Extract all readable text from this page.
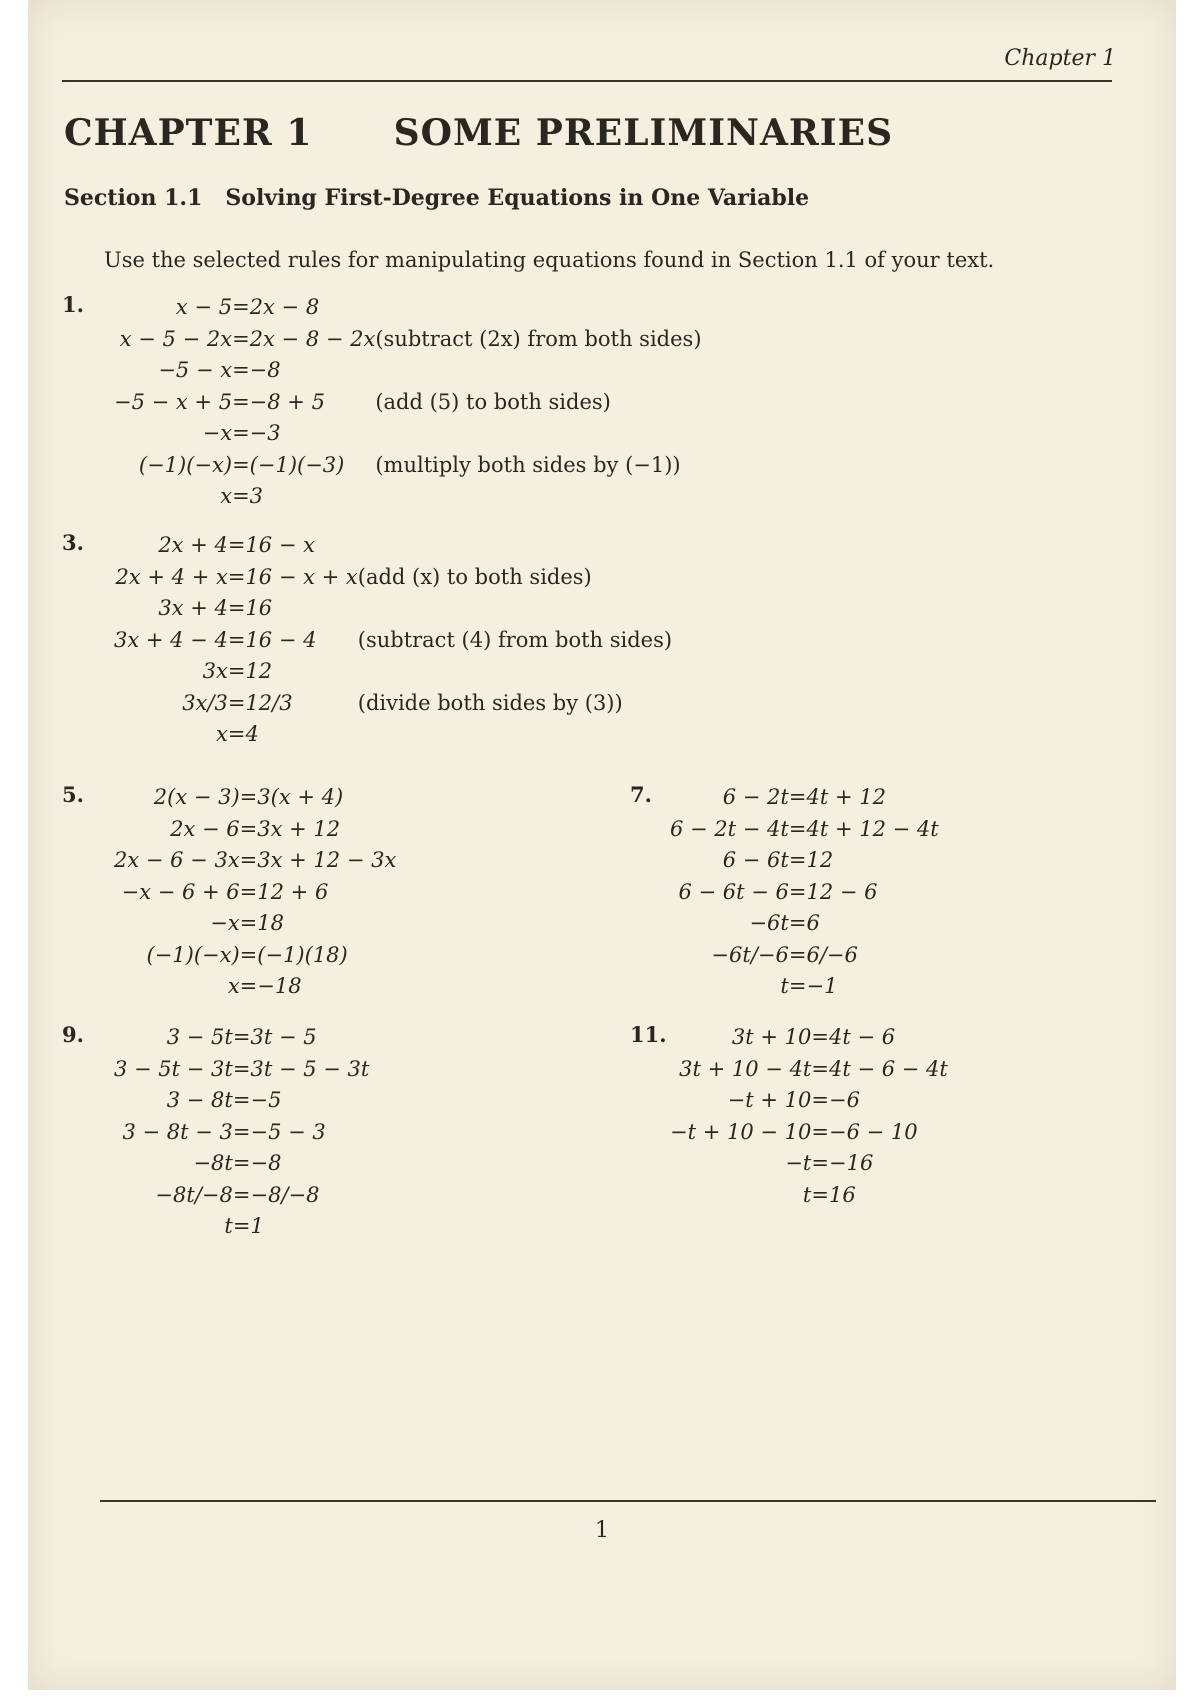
Chapter 1
CHAPTER 1      SOME PRELIMINARIES
Section 1.1   Solving First-Degree Equations in One Variable

Use the selected rules for manipulating equations found in Section 1.1 of your text.

1.	x − 5	=	2x − 8	
x − 5 − 2x	=	2x − 8 − 2x	(subtract (2x) from both sides)
−5 − x	=	−8	
−5 − x + 5	=	−8 + 5	(add (5) to both sides)
−x	=	−3	
(−1)(−x)	=	(−1)(−3)	(multiply both sides by (−1))
x	=	3	
3.	2x + 4	=	16 − x	
2x + 4 + x	=	16 − x + x	(add (x) to both sides)
3x + 4	=	16	
3x + 4 − 4	=	16 − 4	(subtract (4) from both sides)
3x	=	12	
3x/3	=	12/3	(divide both sides by (3))
x	=	4	
5.	2(x − 3)	=	3(x + 4)
2x − 6	=	3x + 12
2x − 6 − 3x	=	3x + 12 − 3x
−x − 6 + 6	=	12 + 6
−x	=	18
(−1)(−x)	=	(−1)(18)
x	=	−18
7.	6 − 2t	=	4t + 12
6 − 2t − 4t	=	4t + 12 − 4t
6 − 6t	=	12
6 − 6t − 6	=	12 − 6
−6t	=	6
−6t/−6	=	6/−6
t	=	−1
9.	3 − 5t	=	3t − 5
3 − 5t − 3t	=	3t − 5 − 3t
3 − 8t	=	−5
3 − 8t − 3	=	−5 − 3
−8t	=	−8
−8t/−8	=	−8/−8
t	=	1
11.	3t + 10	=	4t − 6
3t + 10 − 4t	=	4t − 6 − 4t
−t + 10	=	−6
−t + 10 − 10	=	−6 − 10
−t	=	−16
t	=	16
1
